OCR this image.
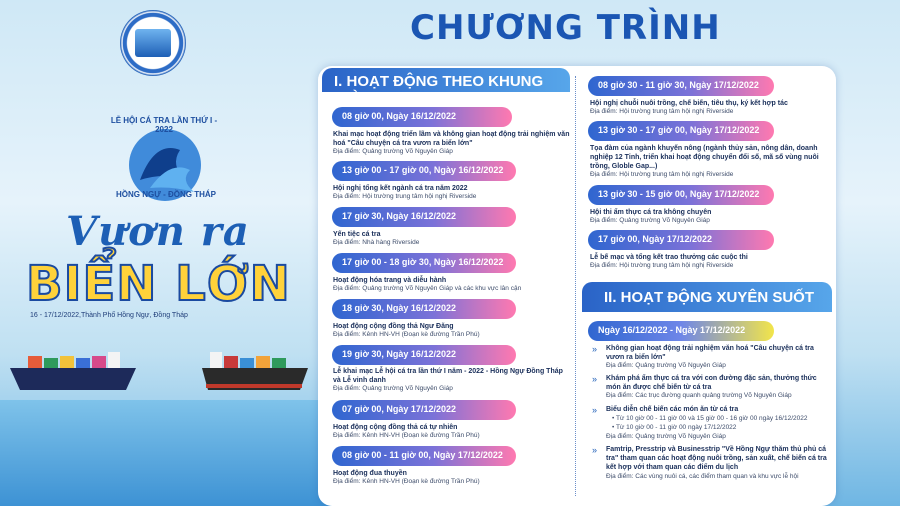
LỄ HỘI CÁ TRA LẦN THỨ I - 2022
HỒNG NGỰ - ĐỒNG THÁP
Vươn ra
BIỂN LỚN
16 - 17/12/2022,Thành Phố Hồng Ngự, Đồng Tháp
CHƯƠNG TRÌNH
I. HOẠT ĐỘNG THEO KHUNG GIỜ
08 giờ 00, Ngày 16/12/2022
Khai mạc hoạt động triển lãm và không gian hoạt động trải nghiệm văn hoá "Câu chuyện cá tra vươn ra biển lớn"
Địa điểm: Quảng trường Võ Nguyên Giáp
13 giờ 00 - 17 giờ 00, Ngày 16/12/2022
Hội nghị tổng kết ngành cá tra năm 2022
Địa điểm: Hội trường trung tâm hội nghị Riverside
17 giờ 30, Ngày 16/12/2022
Yến tiệc cá tra
Địa điểm: Nhà hàng Riverside
17 giờ 00 - 18 giờ 30, Ngày 16/12/2022
Hoạt động hóa trang và diễu hành
Địa điểm: Quảng trường Võ Nguyên Giáp và các khu vực lân cận
18 giờ 30, Ngày 16/12/2022
Hoạt động cộng đồng thả Ngư Đăng
Địa điểm: Kênh HN-VH (Đoạn kè đường Trần Phú)
19 giờ 30, Ngày 16/12/2022
Lễ khai mạc Lễ hội cá tra lần thứ I năm - 2022 - Hồng Ngự Đồng Tháp và Lễ vinh danh
Địa điểm: Quảng trường Võ Nguyên Giáp
07 giờ 00, Ngày 17/12/2022
Hoạt động cộng đồng thả cá tự nhiên
Địa điểm: Kênh HN-VH (Đoạn kè đường Trần Phú)
08 giờ 00 - 11 giờ 00, Ngày 17/12/2022
Hoạt động đua thuyền
Địa điểm: Kênh HN-VH (Đoạn kè đường Trần Phú)
08 giờ 30 - 11 giờ 30, Ngày 17/12/2022
Hội nghị chuỗi nuôi trồng, chế biến, tiêu thụ, ký kết hợp tác
Địa điểm: Hội trường trung tâm hội nghị Riverside
13 giờ 30 - 17 giờ 00, Ngày 17/12/2022
Tọa đàm của ngành khuyến nông (ngành thủy sản, nông dân, doanh nghiệp 12 Tỉnh, triển khai hoạt động chuyển đổi số, mã số vùng nuôi trồng, Globle Gap...)
Địa điểm: Hội trường trung tâm hội nghị Riverside
13 giờ 30 - 15 giờ 00, Ngày 17/12/2022
Hội thi ẩm thực cá tra không chuyên
Địa điểm: Quảng trường Võ Nguyên Giáp
17 giờ 00, Ngày 17/12/2022
Lễ bế mạc và tổng kết trao thưởng các cuộc thi
Địa điểm: Hội trường trung tâm hội nghị Riverside
II. HOẠT ĐỘNG XUYÊN SUỐT
Ngày 16/12/2022 - Ngày 17/12/2022
»	Không gian hoạt động trải nghiệm văn hoá "Câu chuyện cá tra vươn ra biển lớn"
Địa điểm: Quảng trường Võ Nguyên Giáp
»	Khám phá ẩm thực cá tra với con đường đặc sản, thưởng thức món ăn được chế biến từ cá tra
Địa điểm: Các trục đường quanh quảng trường Võ Nguyên Giáp
»	Biểu diễn chế biến các món ăn từ cá tra
• Từ 10 giờ 00 - 11 giờ 00 và 15 giờ 00 - 16 giờ 00 ngày 16/12/2022
• Từ 10 giờ 00 - 11 giờ 00 ngày 17/12/2022
Địa điểm: Quảng trường Võ Nguyên Giáp
»	Famtrip, Presstrip và Businesstrip "Về Hồng Ngự thăm thủ phủ cá tra" tham quan các hoạt động nuôi trồng, sản xuất, chế biến cá tra kết hợp với tham quan các điểm du lịch
Địa điểm: Các vùng nuôi cá, các điểm tham quan và khu vực lễ hội
